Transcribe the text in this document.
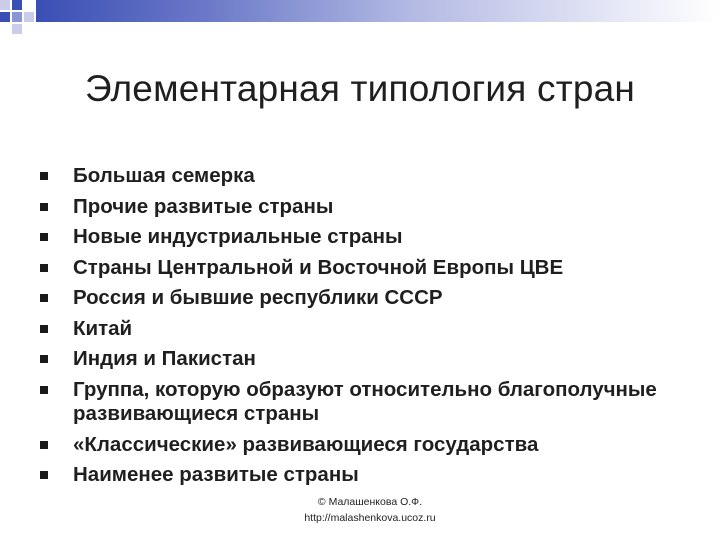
Элементарная типология стран
Большая семерка
Прочие развитые страны
Новые индустриальные страны
Страны Центральной и Восточной Европы ЦВЕ
Россия и бывшие республики СССР
Китай
Индия и Пакистан
Группа, которую образуют относительно благополучные развивающиеся страны
«Классические» развивающиеся государства
Наименее развитые страны
© Малашенкова О.Ф.
http://malashenkova.ucoz.ru
